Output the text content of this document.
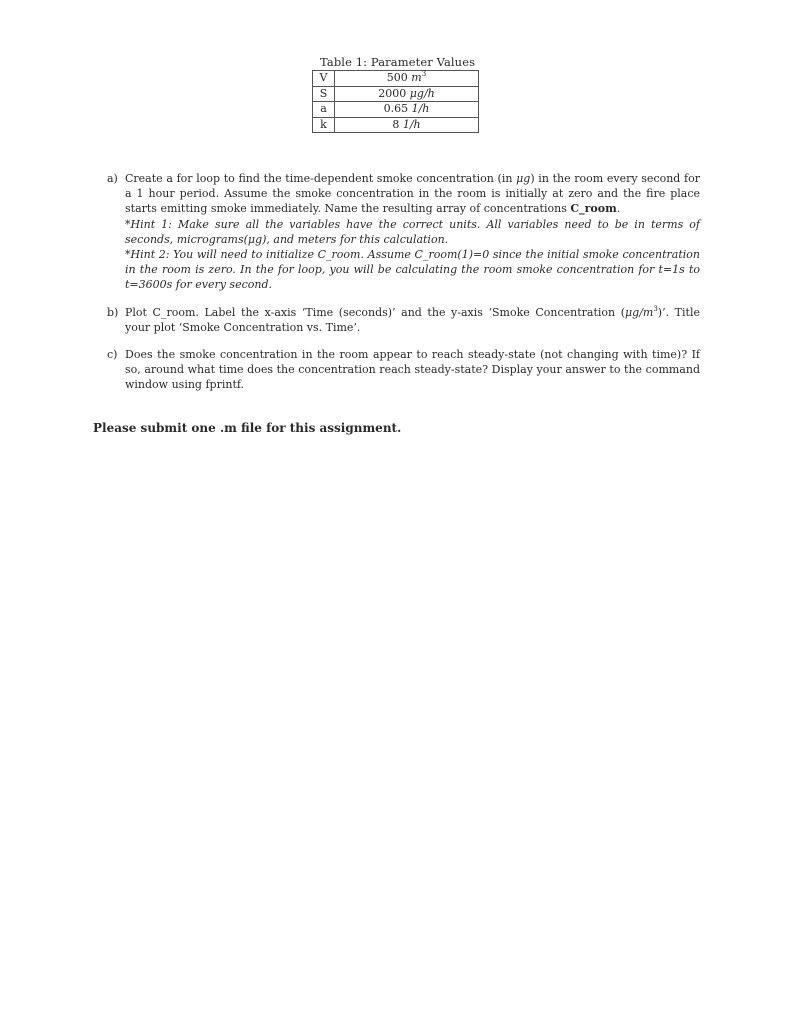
Table 1: Parameter Values
V	500 $m^3$
S	2000 μg/h
a	0.65 1/h
k	8 1/h
a) Create a for loop to find the time-dependent smoke concentration (in μg) in the room every second for a 1 hour period. Assume the smoke concentration in the room is initially at zero and the fire place starts emitting smoke immediately. Name the resulting array of concentrations C_room.

*Hint 1: Make sure all the variables have the correct units. All variables need to be in terms of seconds, micrograms(μg), and meters for this calculation.

*Hint 2: You will need to initialize C_room. Assume C_room(1)=0 since the initial smoke concentration in the room is zero. In the for loop, you will be calculating the room smoke concentration for t=1s to t=3600s for every second.

b) Plot C_room. Label the x-axis ‘Time (seconds)’ and the y-axis ‘Smoke Concentration $(\mu g/m^3)$’. Title your plot ‘Smoke Concentration vs. Time’.

c) Does the smoke concentration in the room appear to reach steady-state (not changing with time)? If so, around what time does the concentration reach steady-state? Display your answer to the command window using fprintf.

Please submit one .m file for this assignment.
